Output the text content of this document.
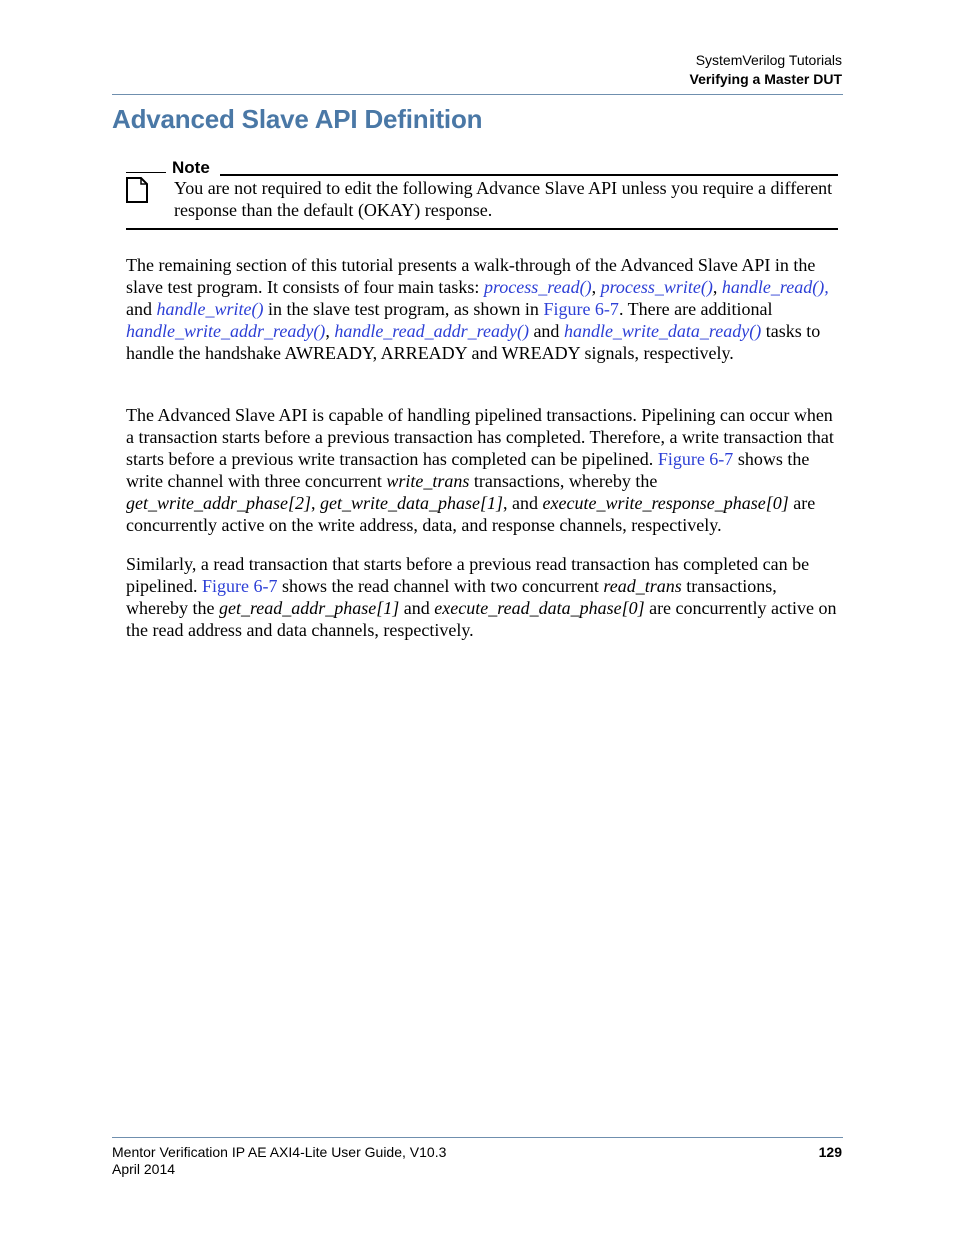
SystemVerilog Tutorials
Verifying a Master DUT
Advanced Slave API Definition
Note
You are not required to edit the following Advance Slave API unless you require a different response than the default (OKAY) response.

The remaining section of this tutorial presents a walk-through of the Advanced Slave API in the slave test program. It consists of four main tasks: process_read(), process_write(), handle_read(), and handle_write() in the slave test program, as shown in Figure 6-7. There are additional handle_write_addr_ready(), handle_read_addr_ready() and handle_write_data_ready() tasks to handle the handshake AWREADY, ARREADY and WREADY signals, respectively.

The Advanced Slave API is capable of handling pipelined transactions. Pipelining can occur when a transaction starts before a previous transaction has completed. Therefore, a write transaction that starts before a previous write transaction has completed can be pipelined. Figure 6-7 shows the write channel with three concurrent write_trans transactions, whereby the get_write_addr_phase[2], get_write_data_phase[1], and execute_write_response_phase[0] are concurrently active on the write address, data, and response channels, respectively.

Similarly, a read transaction that starts before a previous read transaction has completed can be pipelined. Figure 6-7 shows the read channel with two concurrent read_trans transactions, whereby the get_read_addr_phase[1] and execute_read_data_phase[0] are concurrently active on the read address and data channels, respectively.

Mentor Verification IP AE AXI4-Lite User Guide, V10.3
April 2014
129
